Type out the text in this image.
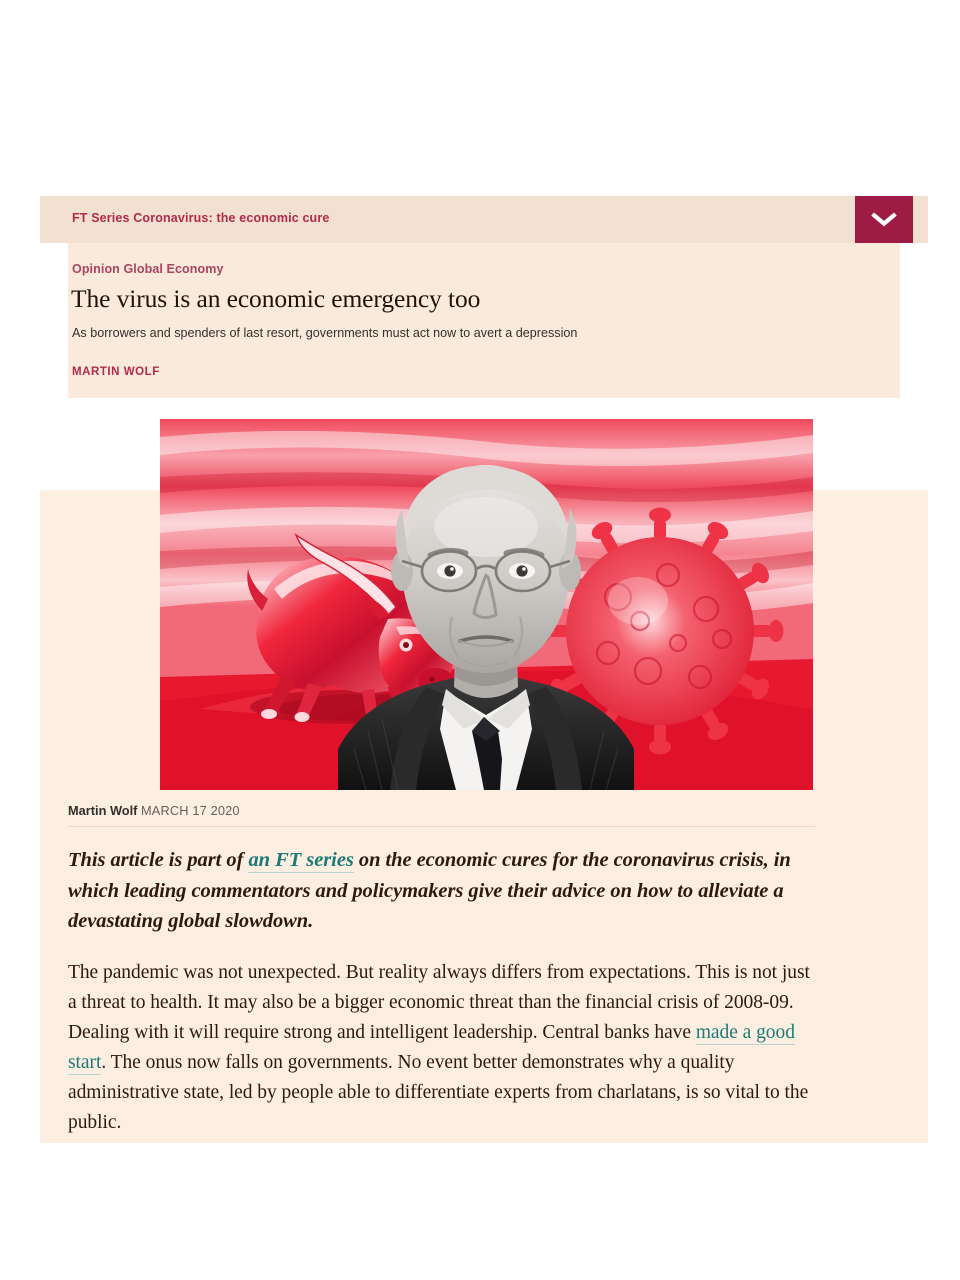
FT Series Coronavirus: the economic cure
Opinion Global Economy
The virus is an economic emergency too

As borrowers and spenders of last resort, governments must act now to avert a depression

MARTIN WOLF
Martin Wolf MARCH 17 2020

This article is part of an FT series on the economic cures for the coronavirus crisis, in which leading commentators and policymakers give their advice on how to alleviate a devastating global slowdown.

The pandemic was not unexpected. But reality always differs from expectations. This is not just a threat to health. It may also be a bigger economic threat than the financial crisis of 2008-09. Dealing with it will require strong and intelligent leadership. Central banks have made a good start. The onus now falls on governments. No event better demonstrates why a quality administrative state, led by people able to differentiate experts from charlatans, is so vital to the public.
